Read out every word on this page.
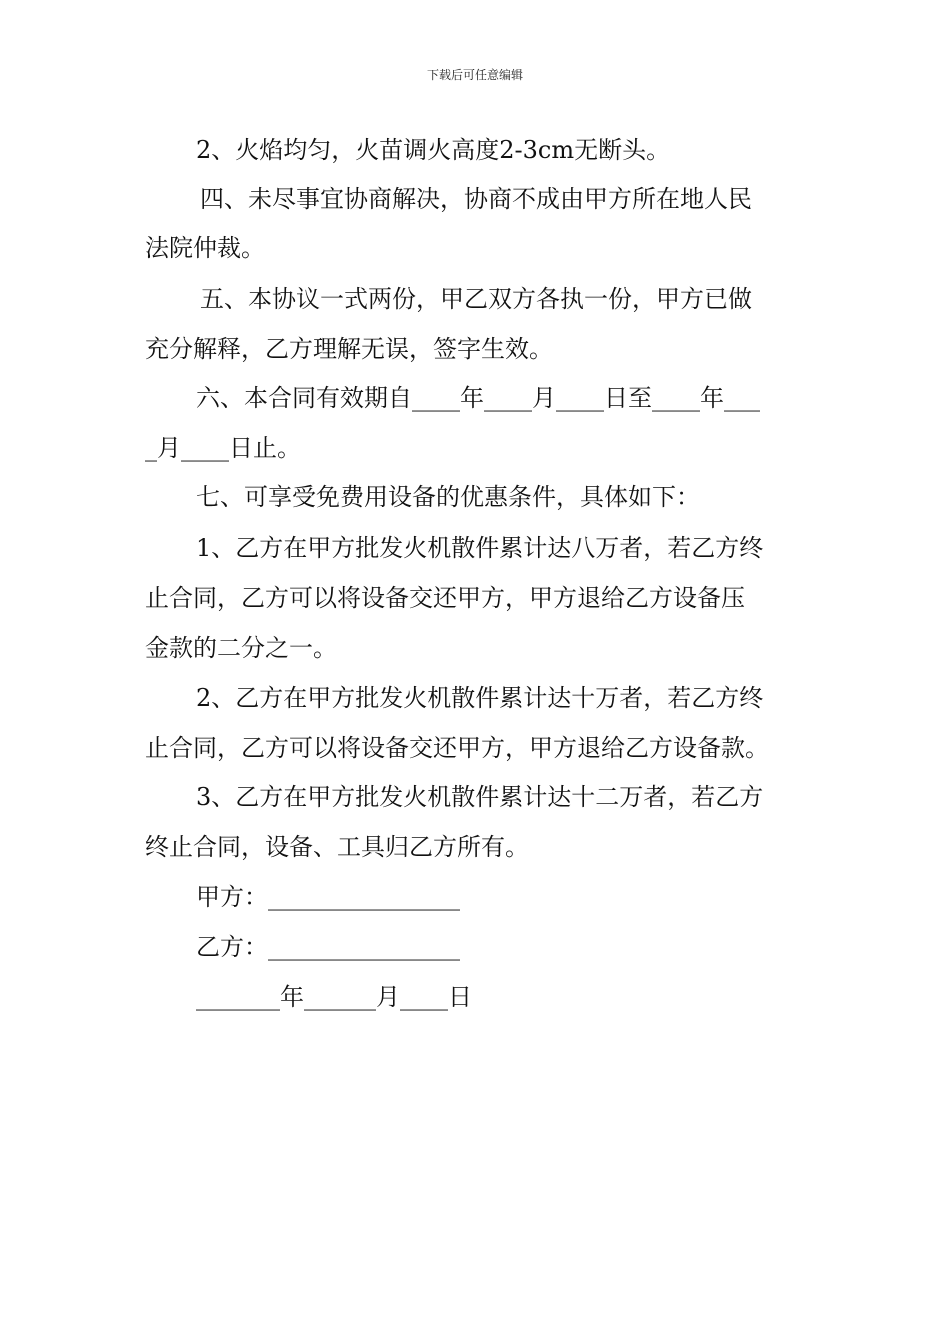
下载后可任意编辑
2、火焰均匀，火苗调火高度2-3cm无断头。
四、未尽事宜协商解决，协商不成由甲方所在地人民
法院仲裁。
五、本协议一式两份，甲乙双方各执一份，甲方已做
充分解释，乙方理解无误，签字生效。
六、本合同有效期自____年____月____日至____年___
_月____日止。
七、可享受免费用设备的优惠条件，具体如下：
1、乙方在甲方批发火机散件累计达八万者，若乙方终
止合同，乙方可以将设备交还甲方，甲方退给乙方设备压
金款的二分之一。
2、乙方在甲方批发火机散件累计达十万者，若乙方终
止合同，乙方可以将设备交还甲方，甲方退给乙方设备款。
3、乙方在甲方批发火机散件累计达十二万者，若乙方
终止合同，设备、工具归乙方所有。
甲方：________________
乙方：________________
_______年______月____日
